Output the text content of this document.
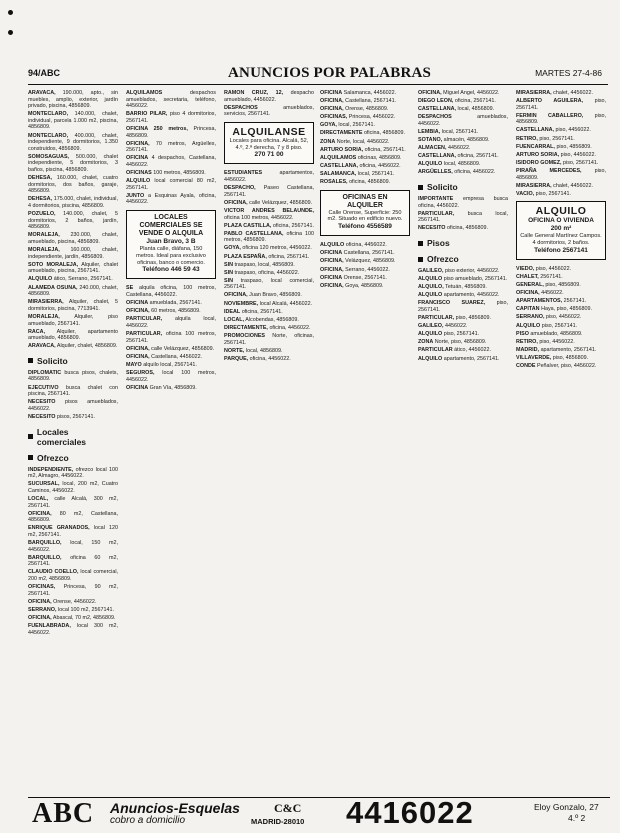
94/ABC	ANUNCIOS POR PALABRAS	MARTES 27-4-86

ARAVACA, 190.000, apto., sin muebles, amplio, exterior, jardín privado, piscina, 4856809.

MONTECLARO, 140.000, chalet, individual, parcela 1.000 m2, piscina, 4856809.

MONTECLARO, 400.000, chalet, independiente, 9 dormitorios, 1.350 construidos, 4856809.

SOMOSAGUAS, 500.000, chalet independiente, 5 dormitorios, 3 baños, piscina, 4856809.

DEHESA, 160.000, chalet, cuatro dormitorios, dos baños, garaje, 4856809.

DEHESA, 175.000, chalet, individual, 4 dormitorios, piscina, 4856809.

POZUELO, 140.000, chalet, 5 dormitorios, 2 baños, jardín, 4856809.

MORALEJA, 230.000, chalet, amueblado, piscina, 4856809.

MORALEJA, 160.000, chalet, independiente, jardín, 4856809.

SOTO MORALEJA, Alquiler, chalet amueblado, piscina, 2567141.

ALQUILO ático, Serrano, 2567141.

ALAMEDA OSUNA, 240.000, chalet, 4856809.

MIRASIERRA, Alquiler, chalet, 5 dormitorios, piscina, 7713941.

MORALEJA,	Alquiler, piso amueblado, 2567141.

RACA, Alquiler, apartamento amueblado, 4856809.

ARAVACA, Alquiler, chalet, 4856809.

Solicito

DIPLOMATIC busca pisos, chalets, 4856809.

EJECUTIVO busca chalet con piscina, 2567141.

NECESITO pisos amueblados, 4456022.

NECESITO pisos, 2567141.

Locales comerciales
Ofrezco

INDEPENDIENTE, ofrezco local 100 m2, Almagro, 4456022.

SUCURSAL, local, 200 m2, Cuatro Caminos, 4456022.

LOCAL, calle Alcalá, 300 m2, 2567141.

OFICINA, 80 m2, Castellana, 4856809.

ENRIQUE GRANADOS, local 120 m2, 2567141.

BARQUILLO, local, 150 m2, 4456022.

BARQUILLO, oficina 60 m2, 2567141.

CLAUDIO COELLO, local comercial, 200 m2, 4856809.

OFICINAS, Princesa, 90 m2, 2567141.

OFICINA, Orense, 4456022.

SERRANO, local 100 m2, 2567141.

OFICINA, Abascal, 70 m2, 4856809.

FUENLABRADA, local 300 m2, 4456022.

ALQUILAMOS	despachos amueblados, secretaria, teléfono, 4456022.

BARRIO PILAR, piso 4 dormitorios, 2567141.

OFICINA 250 metros, Princesa, 4856809.

OFICINA, 70 metros, Argüelles, 2567141.

OFICINA 4 despachos, Castellana, 4456022.

OFICINAS 100 metros, 4856809.

ALQUILO local comercial 80 m2, 2567141.

JUNTO a Esquinas Ayala, oficina, 4456022.

LOCALES COMERCIALES SE VENDE O ALQUILA
Juan Bravo, 3 B
Planta calle, diáfana, 150 metros. Ideal para exclusivo oficinas, banco o comercio.
Teléfono 446 59 43

SE alquila oficina, 100 metros, Castellana, 4456022.

OFICINA amueblada, 2567141.

OFICINA, 60 metros, 4856809.

PARTICULAR, alquila local, 4456022.

PARTICULAR, oficina 100 metros, 2567141.

OFICINA, calle Velázquez, 4856809.

OFICINA, Castellana, 4456022.

MAYO alquilo local, 2567141.

SEGUROS, local 100 metros, 4456022.

OFICINA Gran Vía, 4856809.

RAMON CRUZ, 12, despacho amueblado, 4456022.

DESPACHOS	amueblados, servicios, 2567141.

ALQUILANSE
Locales para oficina. Alcalá, 52, 4.º, 2.ª derecha, 7 y 8 piso.
270 71 00

ESTUDIANTES	apartamentos, 4456022.

DESPACHO, Paseo Castellana, 2567141.

OFICINA, calle Velázquez, 4856809.

VICTOR ANDRES BELAUNDE, oficina 100 metros, 4456022.

PLAZA CASTILLA, oficina, 2567141.

PABLO CASTELLANA, oficina 100 metros, 4856809.

GOYA, oficina 120 metros, 4456022.

PLAZA ESPAÑA, oficina, 2567141.

SIN traspaso, local, 4856809.

SIN traspaso, oficina, 4456022.

SIN traspaso, local comercial, 2567141.

OFICINA, Juan Bravo, 4856809.

NOVIEMBRE, local Alcalá, 4456022.

IDEAL oficina, 2567141.

LOCAL, Alcobendas, 4856809.

DIRECTAMENTE, oficina, 4456022.

PROMOCIONES Norte, oficinas, 2567141.

NORTE, local, 4856809.

PARQUE, oficina, 4456022.

OFICINA Salamanca, 4456022.

OFICINA, Castellana, 2567141.

OFICINA, Orense, 4856809.

OFICINAS, Princesa, 4456022.

GOYA, local, 2567141.

DIRECTAMENTE oficina, 4856809.

ZONA Norte, local, 4456022.

ARTURO SORIA, oficina, 2567141.

ALQUILAMOS oficinas, 4856809.

CASTELLANA, oficina, 4456022.

SALAMANCA, local, 2567141.

ROSALES, oficina, 4856809.

OFICINAS EN ALQUILER
Calle Orense, Superficie: 250 m2. Situado en edificio nuevo.
Teléfono 4556589

ALQUILO oficina, 4456022.

OFICINA Castellana, 2567141.

OFICINA, Velázquez, 4856809.

OFICINA, Serrano, 4456022.

OFICINA Orense, 2567141.

OFICINA, Goya, 4856809.

OFICINA, Miguel Angel, 4456022.

DIEGO LEON, oficina, 2567141.

CASTELLANA, local, 4856809.

DESPACHOS	amueblados, 4456022.

LEMBIA, local, 2567141.

SOTANO, almacén, 4856809.

ALMACEN, 4456022.

CASTELLANA, oficina, 2567141.

ALQUILO local, 4856809.

ARGÜELLES, oficina, 4456022.

Solicito

IMPORTANTE empresa busca oficina, 4456022.

PARTICULAR, busca local, 2567141.

NECESITO oficina, 4856809.

Pisos
Ofrezco

GALILEO, piso exterior, 4456022.

ALQUILO piso amueblado, 2567141.

ALQUILO, Tetuán, 4856809.

ALQUILO apartamento, 4456022.

FRANCISCO SUAREZ, piso, 2567141.

PARTICULAR, piso, 4856809.

GALILEO, 4456022.

ALQUILO piso, 2567141.

ZONA Norte, piso, 4856809.

PARTICULAR ático, 4456022.

ALQUILO apartamento, 2567141.

MIRASIERRA, chalet, 4456022.

ALBERTO AGUILERA, piso, 2567141.

FERMIN CABALLERO, piso, 4856809.

CASTELLANA, piso, 4456022.

RETIRO, piso, 2567141.

FUENCARRAL, piso, 4856809.

ARTURO SORIA, piso, 4456022.

ISIDORO GOMEZ, piso, 2567141.

PIRAÑA MERCEDES, piso, 4856809.

MIRASIERRA, chalet, 4456022.

VACIO, piso, 2567141.

ALQUILO
OFICINA O VIVIENDA
200 m²
Calle General Martínez Campos. 4 dormitorios, 2 baños.
Teléfono 2567141

VIEDO, piso, 4456022.

CHALET, 2567141.

GENERAL, piso, 4856809.

OFICINA, 4456022.

APARTAMENTOS, 2567141.

CAPITAN Haya, piso, 4856809.

SERRANO, piso, 4456022.

ALQUILO piso, 2567141.

PISO amueblado, 4856809.

RETIRO, piso, 4456022.

MADRID, apartamento, 2567141.

VILLAVERDE, piso, 4856809.

CONDE Peñalver, piso, 4456022.

ABC Anuncios-Esquelas
cobro a domicilio
C&C
MADRID-28010 4416022	Eloy Gonzalo, 27
4.º 2
